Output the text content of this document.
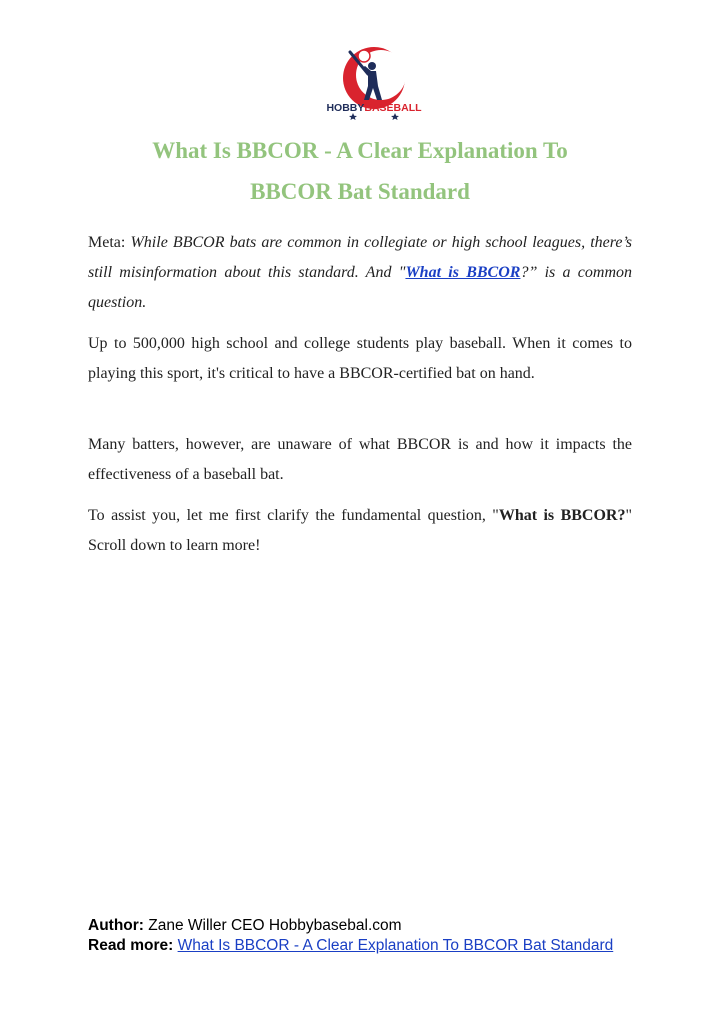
HOBBYBASEBALL
What Is BBCOR - A Clear Explanation To
BBCOR Bat Standard

Meta: While BBCOR bats are common in collegiate or high school leagues, there’s still misinformation about this standard. And "What is BBCOR?” is a common question.

Up to 500,000 high school and college students play baseball. When it comes to playing this sport, it's critical to have a BBCOR-certified bat on hand.

Many batters, however, are unaware of what BBCOR is and how it impacts the effectiveness of a baseball bat.

To assist you, let me first clarify the fundamental question, "What is BBCOR?" Scroll down to learn more!

Author: Zane Willer CEO Hobbybasebal.com
Read more: What Is BBCOR - A Clear Explanation To BBCOR Bat Standard
